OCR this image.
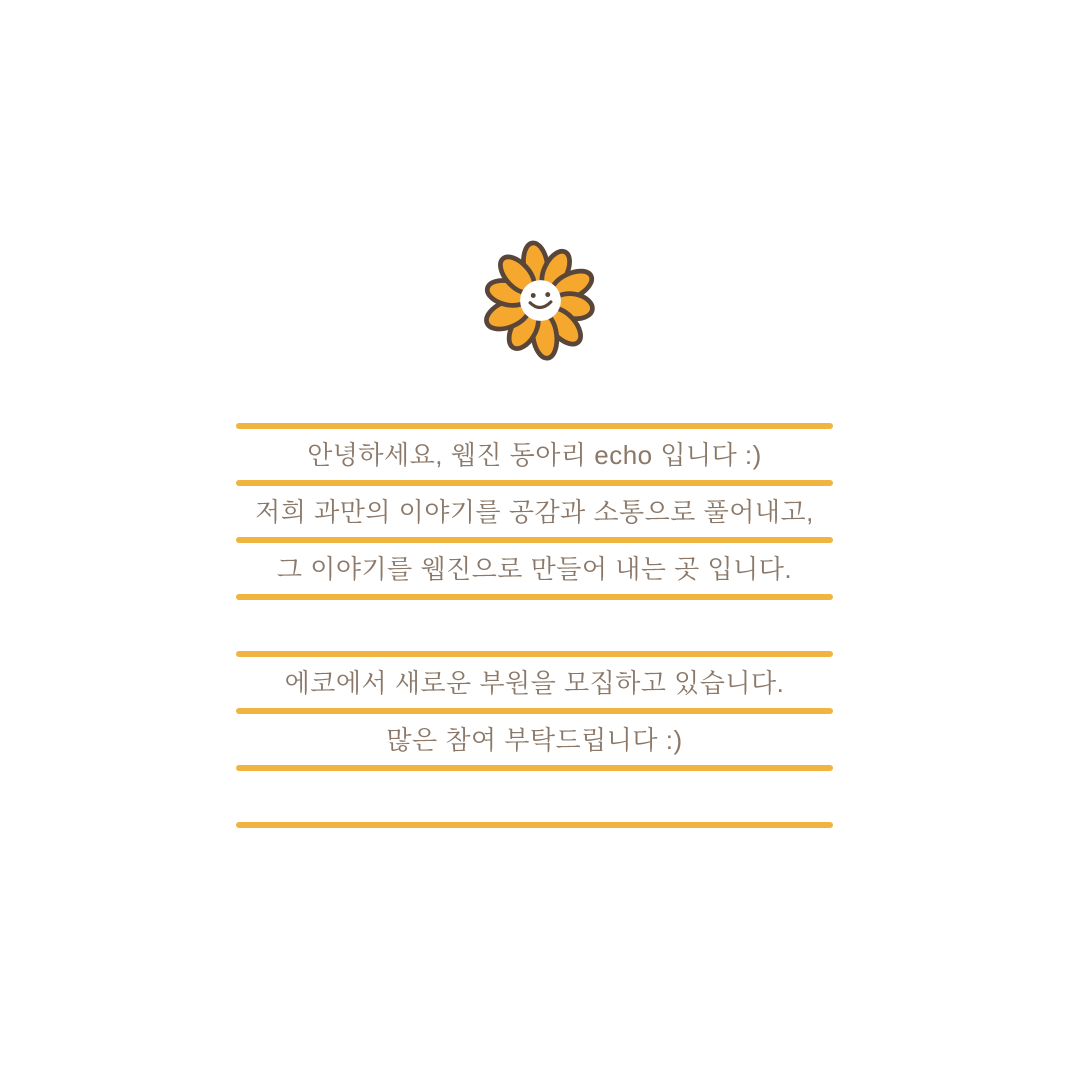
안녕하세요, 웹진 동아리 echo 입니다 :)
저희 과만의 이야기를 공감과 소통으로 풀어내고,
그 이야기를 웹진으로 만들어 내는 곳 입니다.
에코에서 새로운 부원을 모집하고 있습니다.
많은 참여 부탁드립니다 :)
